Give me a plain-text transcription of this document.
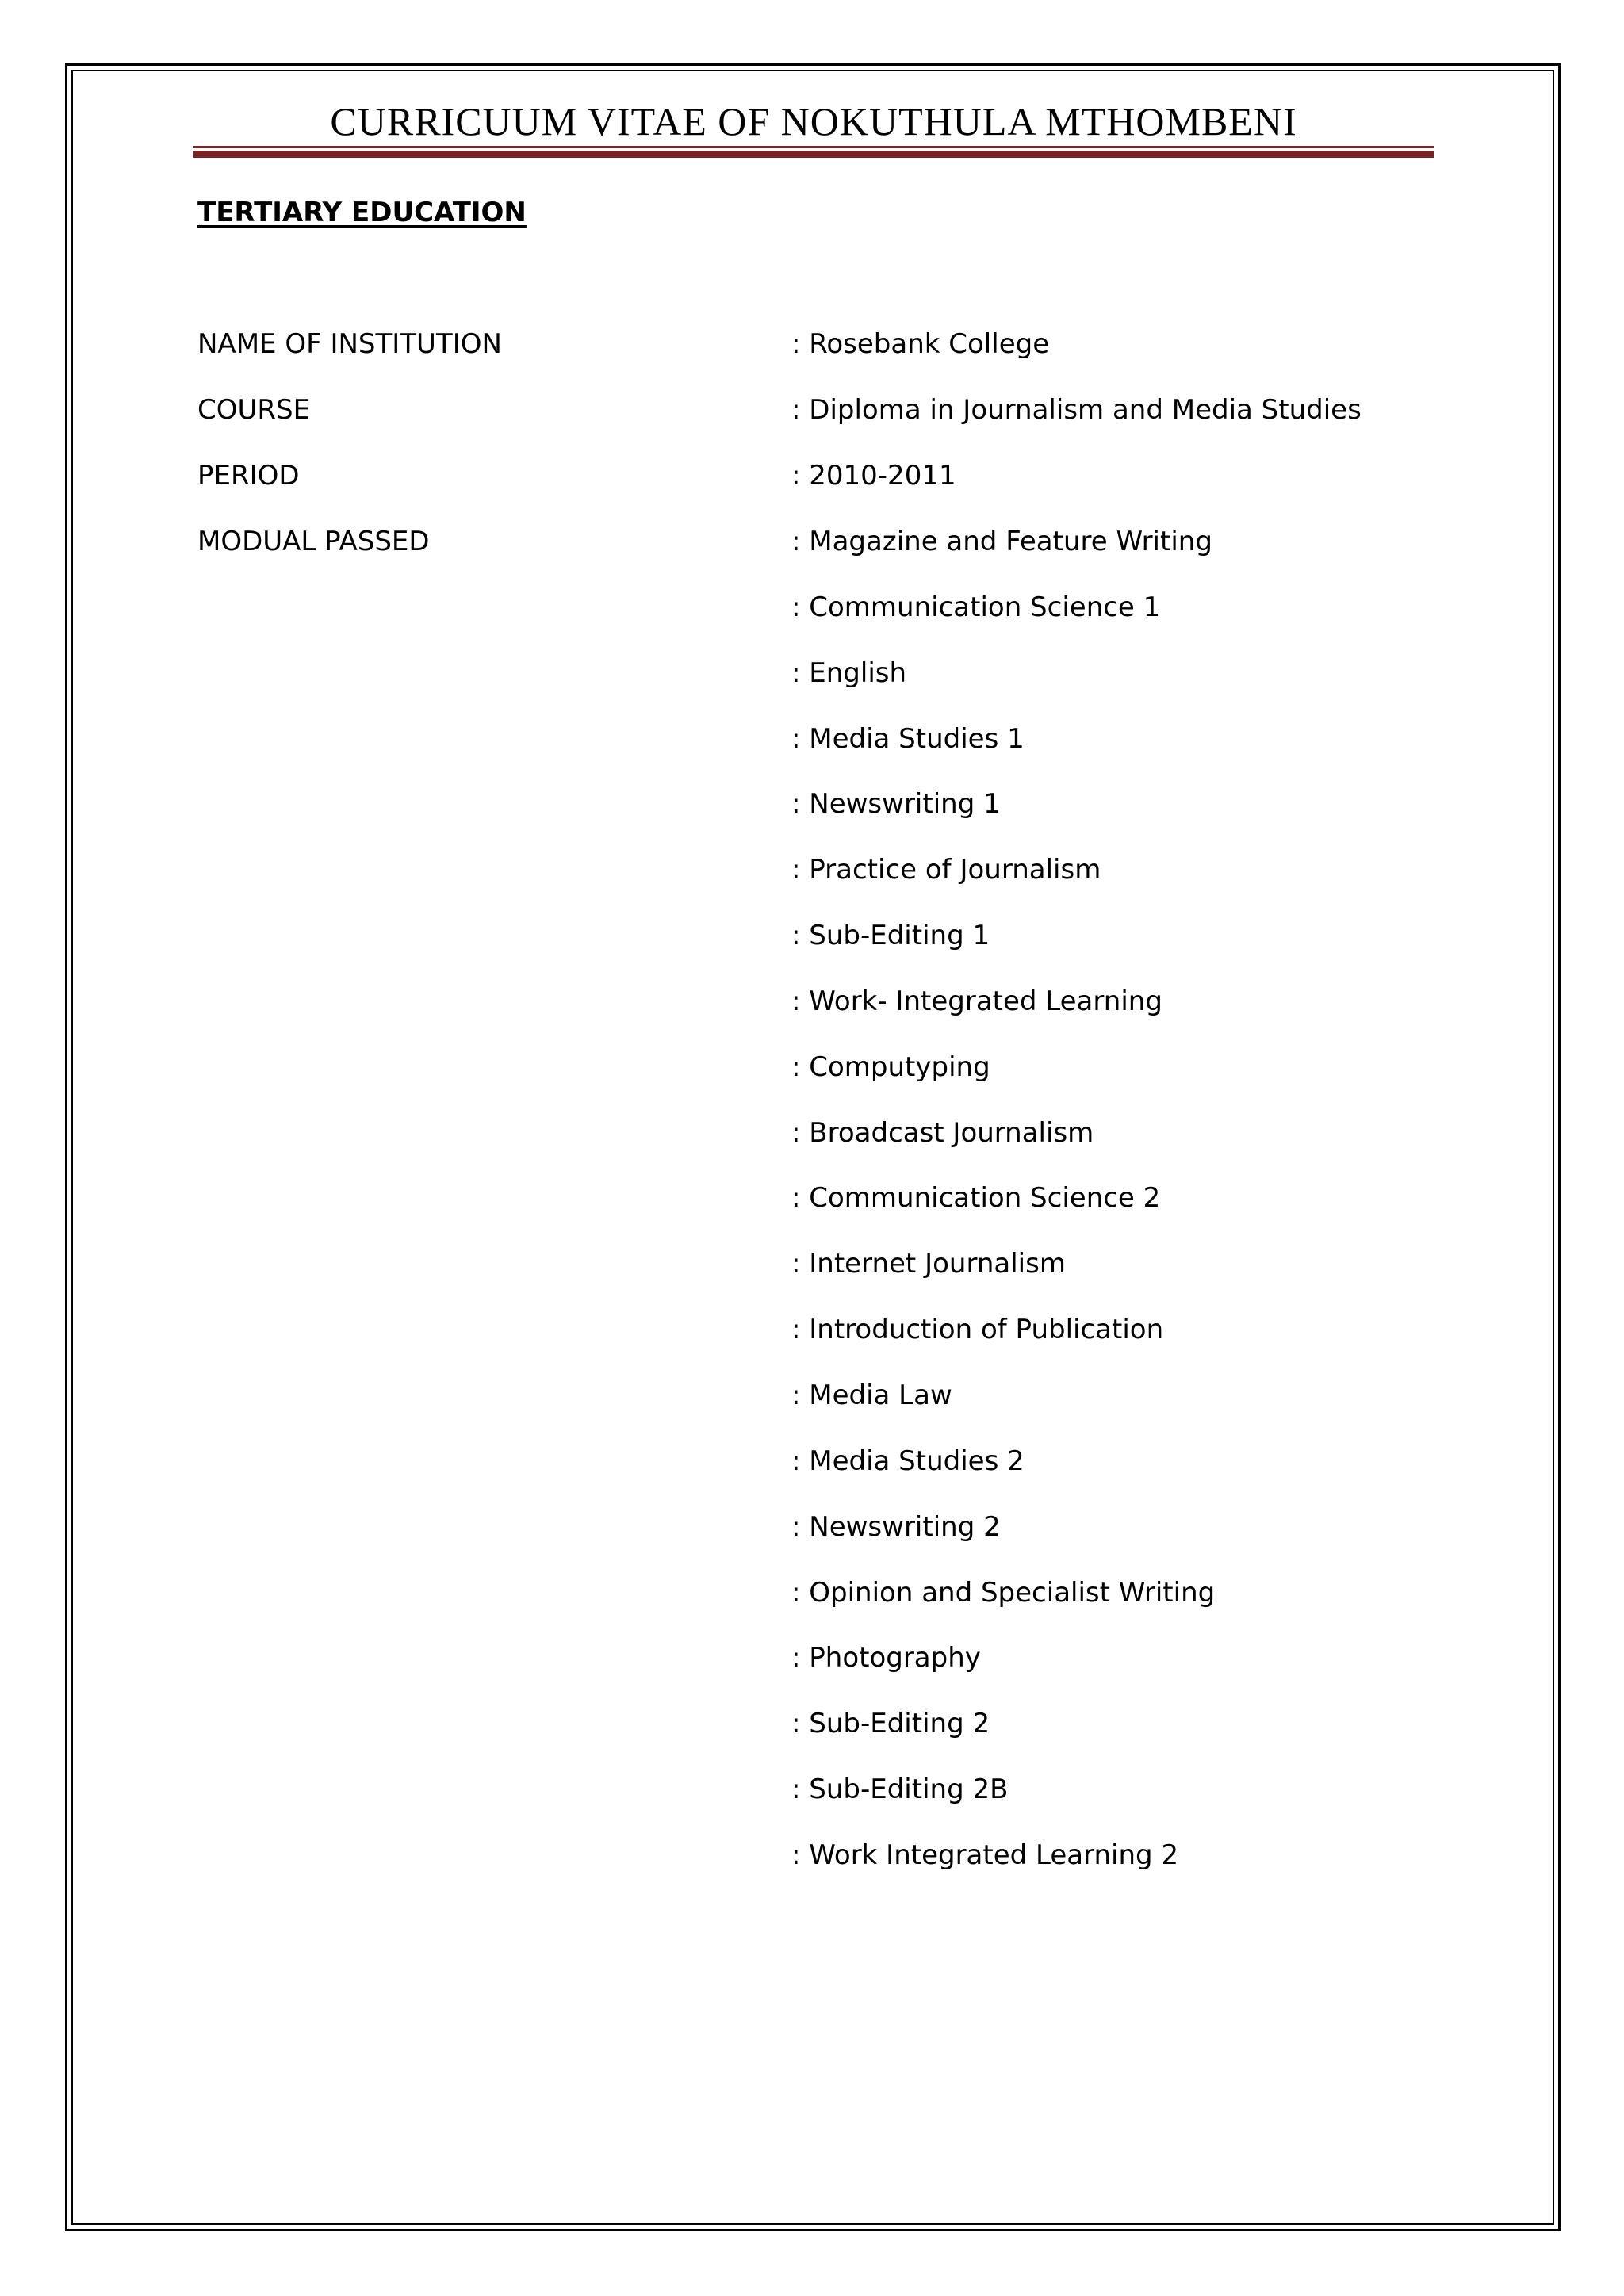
CURRICUUM VITAE OF NOKUTHULA MTHOMBENI
TERTIARY EDUCATION
NAME OF INSTITUTION	: Rosebank College
COURSE	: Diploma in Journalism and Media Studies
PERIOD	: 2010-2011
MODUAL PASSED	: Magazine and Feature Writing
: Communication Science 1
: English
: Media Studies 1
: Newswriting 1
: Practice of Journalism
: Sub-Editing 1
: Work- Integrated Learning
: Computyping
: Broadcast Journalism
: Communication Science 2
: Internet Journalism
: Introduction of Publication
: Media Law
: Media Studies 2
: Newswriting 2
: Opinion and Specialist Writing
: Photography
: Sub-Editing 2
: Sub-Editing 2B
: Work Integrated Learning 2
